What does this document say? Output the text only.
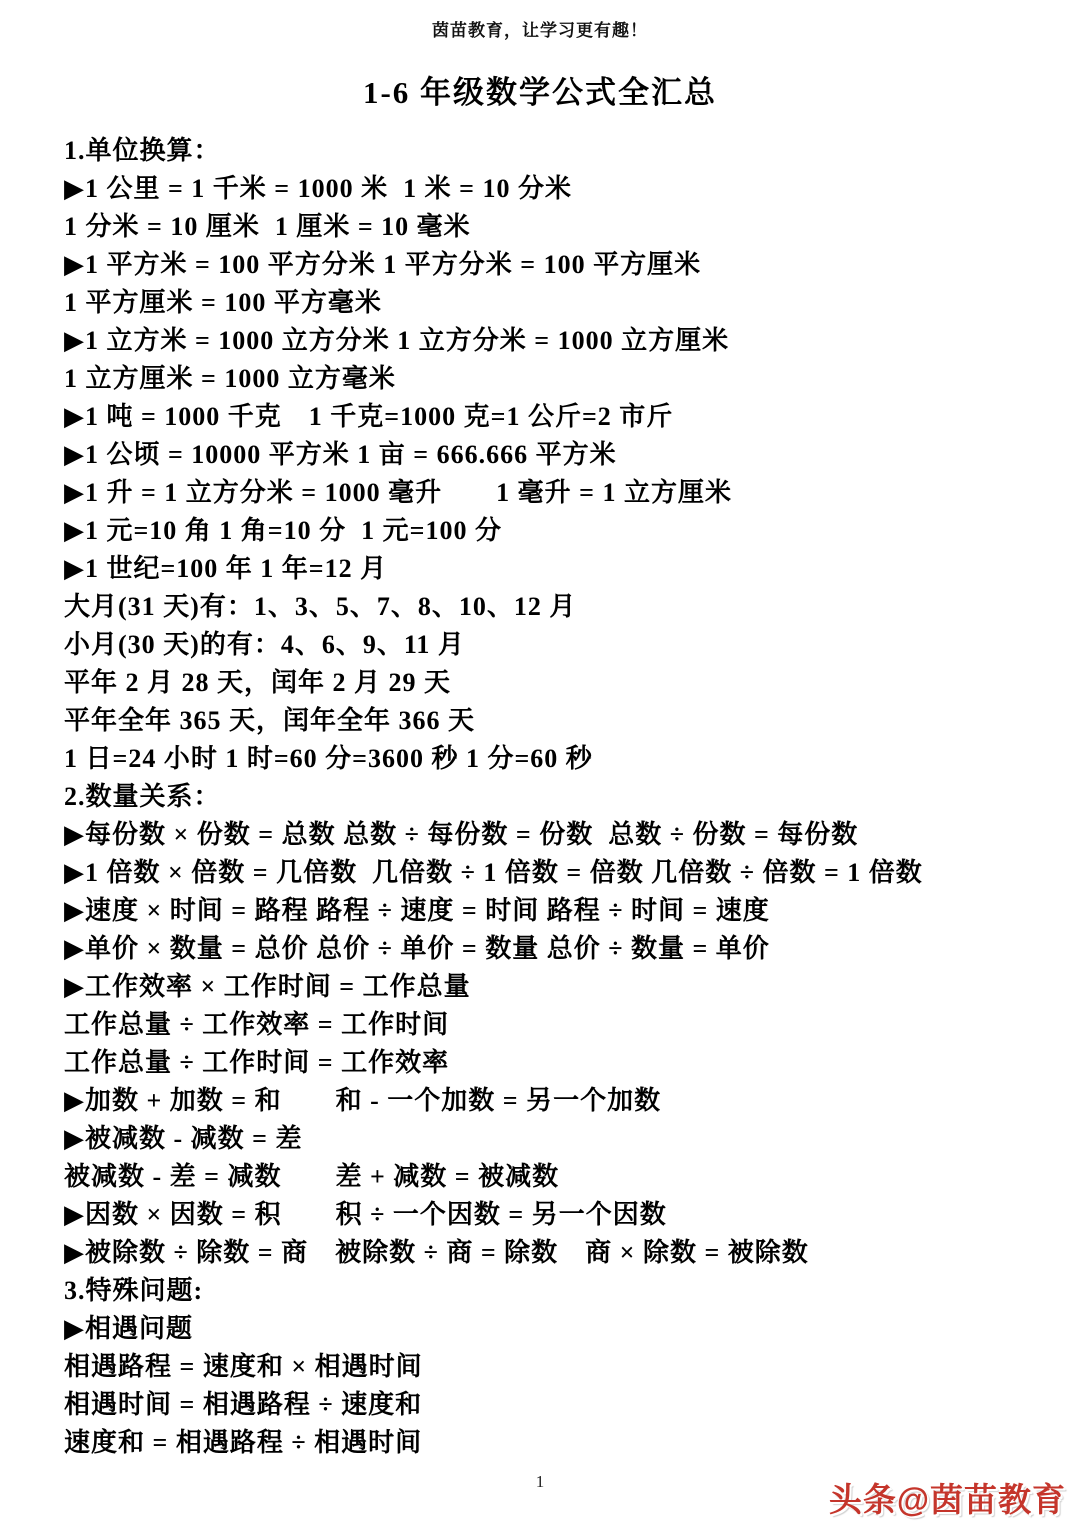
茵苗教育，让学习更有趣！
1-6 年级数学公式全汇总
1.单位换算：
▶1 公里 = 1 千米 = 1000 米  1 米 = 10 分米
1 分米 = 10 厘米  1 厘米 = 10 毫米
▶1 平方米 = 100 平方分米 1 平方分米 = 100 平方厘米
1 平方厘米 = 100 平方毫米
▶1 立方米 = 1000 立方分米 1 立方分米 = 1000 立方厘米
1 立方厘米 = 1000 立方毫米
▶1 吨 = 1000 千克　1 千克=1000 克=1 公斤=2 市斤
▶1 公顷 = 10000 平方米 1 亩 = 666.666 平方米
▶1 升 = 1 立方分米 = 1000 毫升　　1 毫升 = 1 立方厘米
▶1 元=10 角 1 角=10 分  1 元=100 分
▶1 世纪=100 年 1 年=12 月
大月(31 天)有：1、3、5、7、8、10、12 月
小月(30 天)的有：4、6、9、11 月
平年 2 月 28 天，闰年 2 月 29 天
平年全年 365 天，闰年全年 366 天
1 日=24 小时 1 时=60 分=3600 秒 1 分=60 秒
2.数量关系：
▶每份数 × 份数 = 总数 总数 ÷ 每份数 = 份数  总数 ÷ 份数 = 每份数
▶1 倍数 × 倍数 = 几倍数  几倍数 ÷ 1 倍数 = 倍数 几倍数 ÷ 倍数 = 1 倍数
▶速度 × 时间 = 路程 路程 ÷ 速度 = 时间 路程 ÷ 时间 = 速度
▶单价 × 数量 = 总价 总价 ÷ 单价 = 数量 总价 ÷ 数量 = 单价
▶工作效率 × 工作时间 = 工作总量
工作总量 ÷ 工作效率 = 工作时间
工作总量 ÷ 工作时间 = 工作效率
▶加数 + 加数 = 和　　和 - 一个加数 = 另一个加数
▶被减数 - 减数 = 差
被减数 - 差 = 减数　　差 + 减数 = 被减数
▶因数 × 因数 = 积　　积 ÷ 一个因数 = 另一个因数
▶被除数 ÷ 除数 = 商　被除数 ÷ 商 = 除数　商 × 除数 = 被除数
3.特殊问题:
▶相遇问题
相遇路程 = 速度和 × 相遇时间
相遇时间 = 相遇路程 ÷ 速度和
速度和 = 相遇路程 ÷ 相遇时间
1	头条@茵苗教育
